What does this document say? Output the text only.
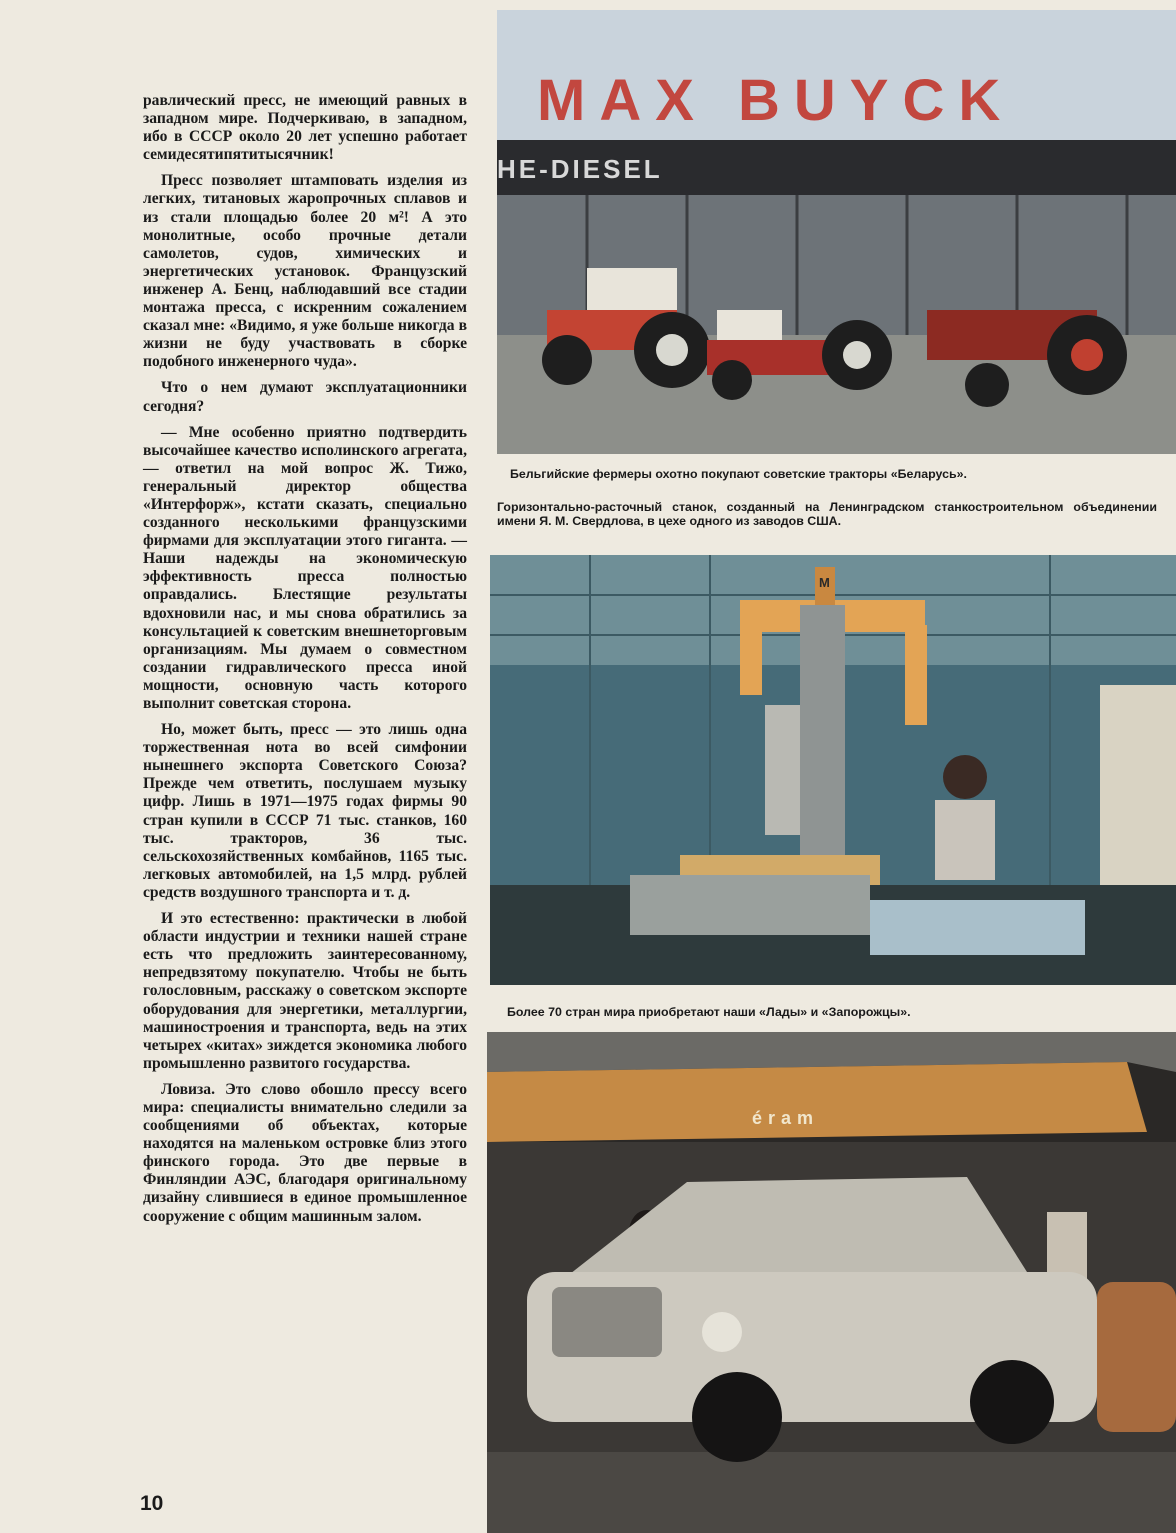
равлический пресс, не имеющий равных в западном мире. Подчеркиваю, в западном, ибо в СССР около 20 лет успешно работает семидесятипятитысячник!

Пресс позволяет штамповать изделия из легких, титановых жаропрочных сплавов и из стали площадью более 20 м²! А это монолитные, особо прочные детали самолетов, судов, химических и энергетических установок. Французский инженер А. Бенц, наблюдавший все стадии монтажа пресса, с искренним сожалением сказал мне: «Видимо, я уже больше никогда в жизни не буду участвовать в сборке подобного инженерного чуда».

Что о нем думают эксплуатационники сегодня?

— Мне особенно приятно подтвердить высочайшее качество исполинского агрегата, — ответил на мой вопрос Ж. Тижо, генеральный директор общества «Интерфорж», кстати сказать, специально созданного несколькими французскими фирмами для эксплуатации этого гиганта. — Наши надежды на экономическую эффективность пресса полностью оправдались. Блестящие результаты вдохновили нас, и мы снова обратились за консультацией к советским внешнеторговым организациям. Мы думаем о совместном создании гидравлического пресса иной мощности, основную часть которого выполнит советская сторона.

Но, может быть, пресс — это лишь одна торжественная нота во всей симфонии нынешнего экспорта Советского Союза? Прежде чем ответить, послушаем музыку цифр. Лишь в 1971—1975 годах фирмы 90 стран купили в СССР 71 тыс. станков, 160 тыс. тракторов, 36 тыс. сельскохозяйственных комбайнов, 1165 тыс. легковых автомобилей, на 1,5 млрд. рублей средств воздушного транспорта и т. д.

И это естественно: практически в любой области индустрии и техники нашей стране есть что предложить заинтересованному, непредвзятому покупателю. Чтобы не быть голословным, расскажу о советском экспорте оборудования для энергетики, металлургии, машиностроения и транспорта, ведь на этих четырех «китах» зиждется экономика любого промышленно развитого государства.

Ловиза. Это слово обошло прессу всего мира: специалисты внимательно следили за сообщениями об объектах, которые находятся на маленьком островке близ этого финского города. Это две первые в Финляндии АЭС, благодаря оригинальному дизайну слившиеся в единое промышленное сооружение с общим машинным залом.

10
MAX BUYCK
HE-DIESEL
Бельгийские фермеры охотно покупают советские тракторы «Беларусь».
Горизонтально-расточный станок, созданный на Ленинградском станкостроительном объединении имени Я. М. Свердлова, в цехе одного из заводов США.
М
Более 70 стран мира приобретают наши «Лады» и «Запорожцы».
éram
